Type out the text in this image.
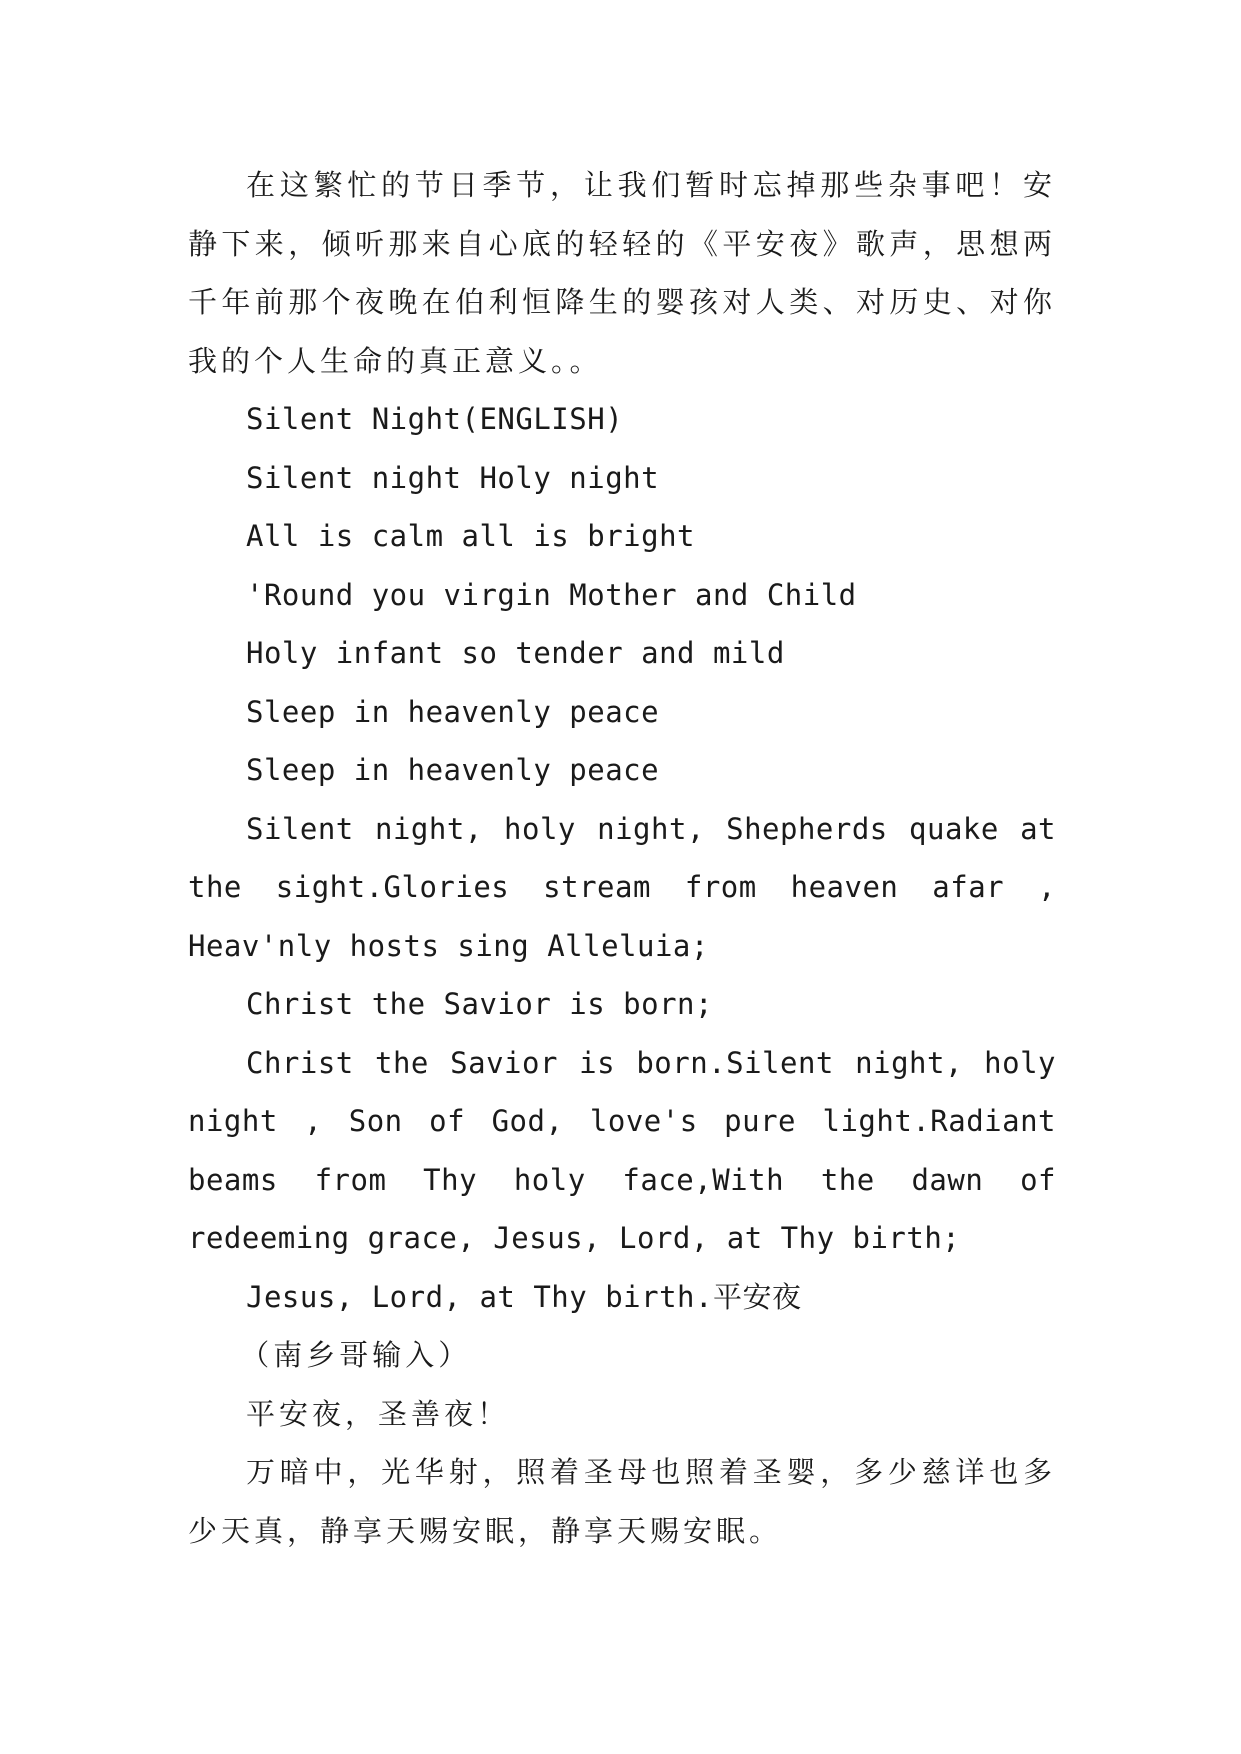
在这繁忙的节日季节，让我们暂时忘掉那些杂事吧！安静下来，倾听那来自心底的轻轻的《平安夜》歌声，思想两千年前那个夜晚在伯利恒降生的婴孩对人类、对历史、对你我的个人生命的真正意义。。

Silent Night(ENGLISH)

Silent night Holy night

All is calm all is bright

'Round you virgin Mother and Child

Holy infant so tender and mild

Sleep in heavenly peace

Sleep in heavenly peace

Silent night, holy night, Shepherds quake at the sight.Glories stream from heaven afar , Heav'nly hosts sing Alleluia;

Christ the Savior is born;

Christ the Savior is born.Silent night, holy night , Son of God, love's pure light.Radiant beams from Thy holy face,With the dawn of redeeming grace, Jesus, Lord, at Thy birth;

Jesus, Lord, at Thy birth.平安夜

（南乡哥输入）

平安夜，圣善夜！

万暗中，光华射，照着圣母也照着圣婴，多少慈详也多少天真，静享天赐安眠，静享天赐安眠。
